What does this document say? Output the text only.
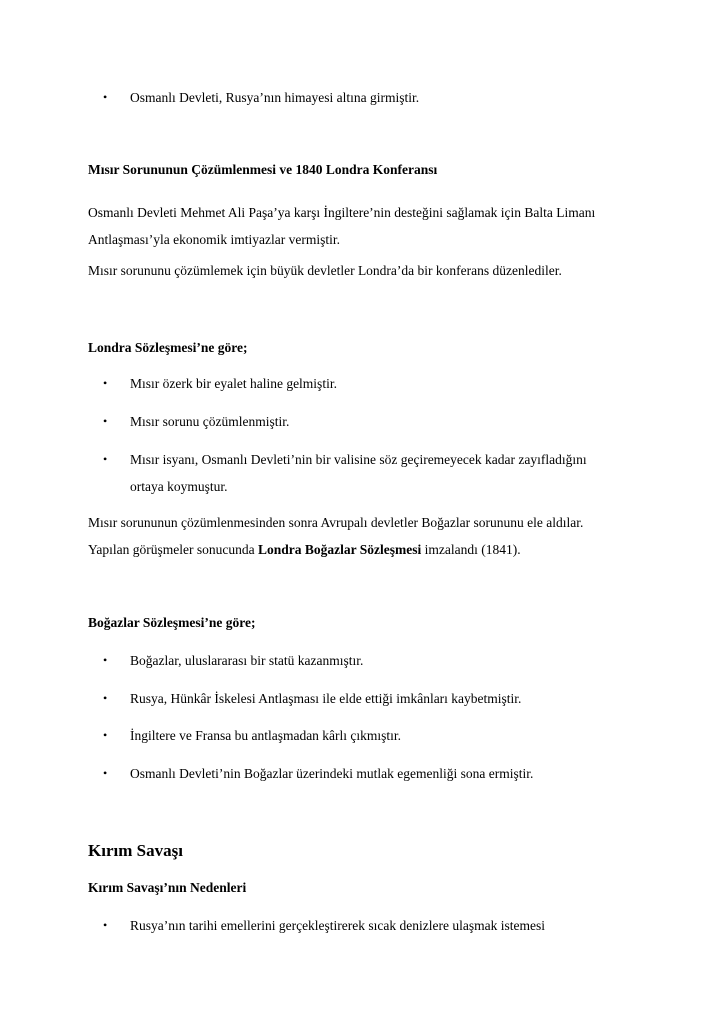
• Osmanlı Devleti, Rusya’nın himayesi altına girmiştir.
Mısır Sorununun Çözümlenmesi ve 1840 Londra Konferansı
Osmanlı Devleti Mehmet Ali Paşa’ya karşı İngiltere’nin desteğini sağlamak için Balta Limanı
Antlaşması’yla ekonomik imtiyazlar vermiştir.
Mısır sorununu çözümlemek için büyük devletler Londra’da bir konferans düzenlediler.
Londra Sözleşmesi’ne göre;
• Mısır özerk bir eyalet haline gelmiştir.
• Mısır sorunu çözümlenmiştir.
• Mısır isyanı, Osmanlı Devleti’nin bir valisine söz geçiremeyecek kadar zayıfladığını
ortaya koymuştur.
Mısır sorununun çözümlenmesinden sonra Avrupalı devletler Boğazlar sorununu ele aldılar.
Yapılan görüşmeler sonucunda Londra Boğazlar Sözleşmesi imzalandı (1841).
Boğazlar Sözleşmesi’ne göre;
• Boğazlar, uluslararası bir statü kazanmıştır.
• Rusya, Hünkâr İskelesi Antlaşması ile elde ettiği imkânları kaybetmiştir.
• İngiltere ve Fransa bu antlaşmadan kârlı çıkmıştır.
• Osmanlı Devleti’nin Boğazlar üzerindeki mutlak egemenliği sona ermiştir.
Kırım Savaşı
Kırım Savaşı’nın Nedenleri
• Rusya’nın tarihi emellerini gerçekleştirerek sıcak denizlere ulaşmak istemesi
